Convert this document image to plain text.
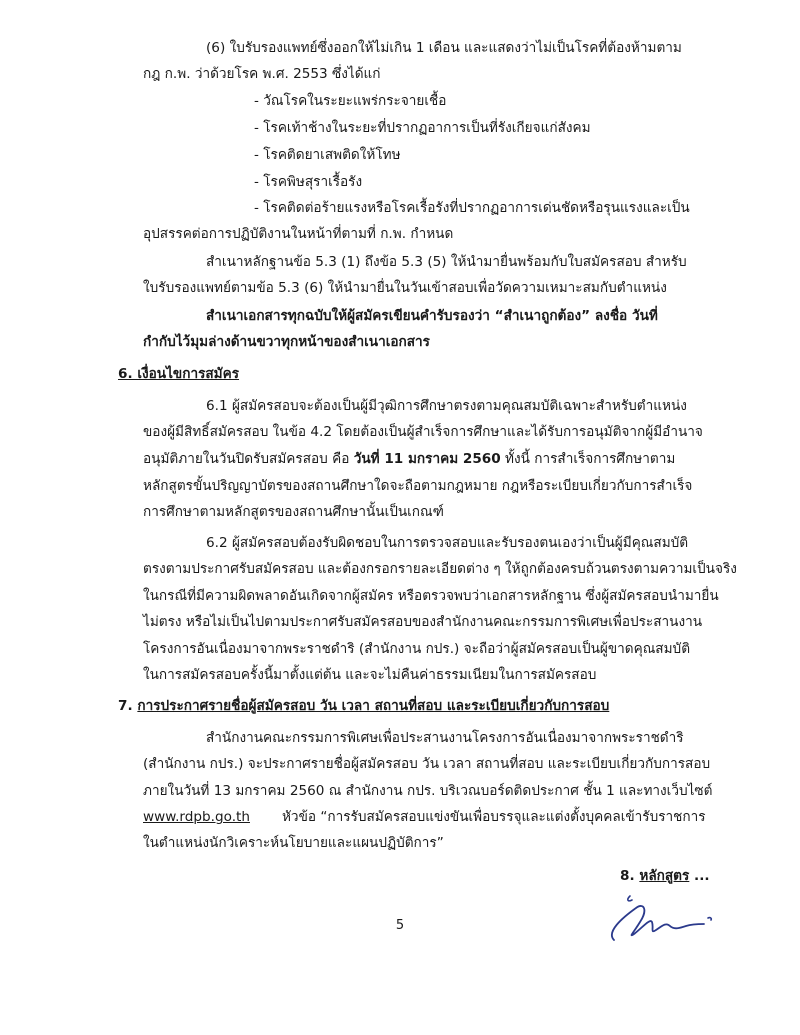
(6) ใบรับรองแพทย์ซึ่งออกให้ไม่เกิน 1 เดือน และแสดงว่าไม่เป็นโรคที่ต้องห้ามตาม
กฎ ก.พ. ว่าด้วยโรค พ.ศ. 2553 ซึ่งได้แก่
- วัณโรคในระยะแพร่กระจายเชื้อ
- โรคเท้าช้างในระยะที่ปรากฏอาการเป็นที่รังเกียจแก่สังคม
- โรคติดยาเสพติดให้โทษ
- โรคพิษสุราเรื้อรัง
- โรคติดต่อร้ายแรงหรือโรคเรื้อรังที่ปรากฏอาการเด่นชัดหรือรุนแรงและเป็น
อุปสรรคต่อการปฏิบัติงานในหน้าที่ตามที่ ก.พ. กำหนด
สำเนาหลักฐานข้อ 5.3 (1) ถึงข้อ 5.3 (5) ให้นำมายื่นพร้อมกับใบสมัครสอบ สำหรับ
ใบรับรองแพทย์ตามข้อ 5.3 (6) ให้นำมายื่นในวันเข้าสอบเพื่อวัดความเหมาะสมกับตำแหน่ง
สำเนาเอกสารทุกฉบับให้ผู้สมัครเขียนคำรับรองว่า “สำเนาถูกต้อง” ลงชื่อ วันที่
กำกับไว้มุมล่างด้านขวาทุกหน้าของสำเนาเอกสาร
6. เงื่อนไขการสมัคร
6.1 ผู้สมัครสอบจะต้องเป็นผู้มีวุฒิการศึกษาตรงตามคุณสมบัติเฉพาะสำหรับตำแหน่ง
ของผู้มีสิทธิ์สมัครสอบ ในข้อ 4.2 โดยต้องเป็นผู้สำเร็จการศึกษาและได้รับการอนุมัติจากผู้มีอำนาจ
อนุมัติภายในวันปิดรับสมัครสอบ คือ วันที่ 11 มกราคม 2560 ทั้งนี้ การสำเร็จการศึกษาตาม
หลักสูตรขั้นปริญญาบัตรของสถานศึกษาใดจะถือตามกฎหมาย กฎหรือระเบียบเกี่ยวกับการสำเร็จ
การศึกษาตามหลักสูตรของสถานศึกษานั้นเป็นเกณฑ์
6.2 ผู้สมัครสอบต้องรับผิดชอบในการตรวจสอบและรับรองตนเองว่าเป็นผู้มีคุณสมบัติ
ตรงตามประกาศรับสมัครสอบ และต้องกรอกรายละเอียดต่าง ๆ ให้ถูกต้องครบถ้วนตรงตามความเป็นจริง
ในกรณีที่มีความผิดพลาดอันเกิดจากผู้สมัคร หรือตรวจพบว่าเอกสารหลักฐาน ซึ่งผู้สมัครสอบนำมายื่น
ไม่ตรง หรือไม่เป็นไปตามประกาศรับสมัครสอบของสำนักงานคณะกรรมการพิเศษเพื่อประสานงาน
โครงการอันเนื่องมาจากพระราชดำริ (สำนักงาน กปร.) จะถือว่าผู้สมัครสอบเป็นผู้ขาดคุณสมบัติ
ในการสมัครสอบครั้งนี้มาตั้งแต่ต้น และจะไม่คืนค่าธรรมเนียมในการสมัครสอบ
7. การประกาศรายชื่อผู้สมัครสอบ วัน เวลา สถานที่สอบ และระเบียบเกี่ยวกับการสอบ
สำนักงานคณะกรรมการพิเศษเพื่อประสานงานโครงการอันเนื่องมาจากพระราชดำริ
(สำนักงาน กปร.) จะประกาศรายชื่อผู้สมัครสอบ วัน เวลา สถานที่สอบ และระเบียบเกี่ยวกับการสอบ
ภายในวันที่ 13 มกราคม 2560 ณ สำนักงาน กปร. บริเวณบอร์ดติดประกาศ ชั้น 1 และทางเว็บไซต์
www.rdpb.go.th หัวข้อ “การรับสมัครสอบแข่งขันเพื่อบรรจุและแต่งตั้งบุคคลเข้ารับราชการ
ในตำแหน่งนักวิเคราะห์นโยบายและแผนปฏิบัติการ”
8. หลักสูตร ...
5
